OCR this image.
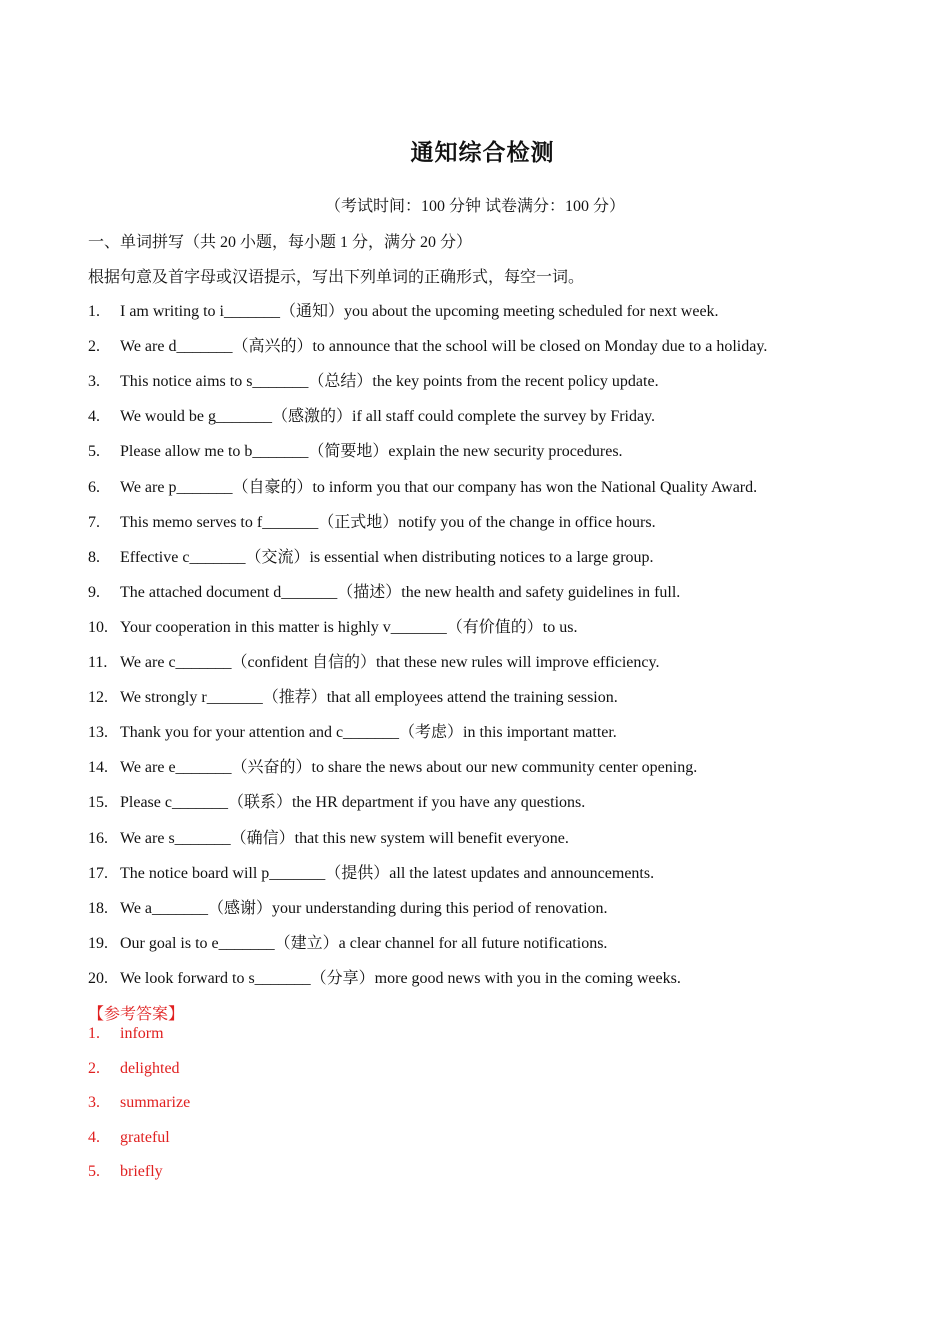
通知综合检测
（考试时间：100 分钟 试卷满分：100 分）
一、单词拼写（共 20 小题，每小题 1 分，满分 20 分）
根据句意及首字母或汉语提示，写出下列单词的正确形式，每空一词。
1. I am writing to i_______（通知）you about the upcoming meeting scheduled for next week.
2. We are d_______（高兴的）to announce that the school will be closed on Monday due to a holiday.
3. This notice aims to s_______（总结）the key points from the recent policy update.
4. We would be g_______（感激的）if all staff could complete the survey by Friday.
5. Please allow me to b_______（简要地）explain the new security procedures.
6. We are p_______（自豪的）to inform you that our company has won the National Quality Award.
7. This memo serves to f_______（正式地）notify you of the change in office hours.
8. Effective c_______（交流）is essential when distributing notices to a large group.
9. The attached document d_______（描述）the new health and safety guidelines in full.
10. Your cooperation in this matter is highly v_______（有价值的）to us.
11. We are c_______（confident 自信的）that these new rules will improve efficiency.
12. We strongly r_______（推荐）that all employees attend the training session.
13. Thank you for your attention and c_______（考虑）in this important matter.
14. We are e_______（兴奋的）to share the news about our new community center opening.
15. Please c_______（联系）the HR department if you have any questions.
16. We are s_______（确信）that this new system will benefit everyone.
17. The notice board will p_______（提供）all the latest updates and announcements.
18. We a_______（感谢）your understanding during this period of renovation.
19. Our goal is to e_______（建立）a clear channel for all future notifications.
20. We look forward to s_______（分享）more good news with you in the coming weeks.
【参考答案】
1. inform
2. delighted
3. summarize
4. grateful
5. briefly
